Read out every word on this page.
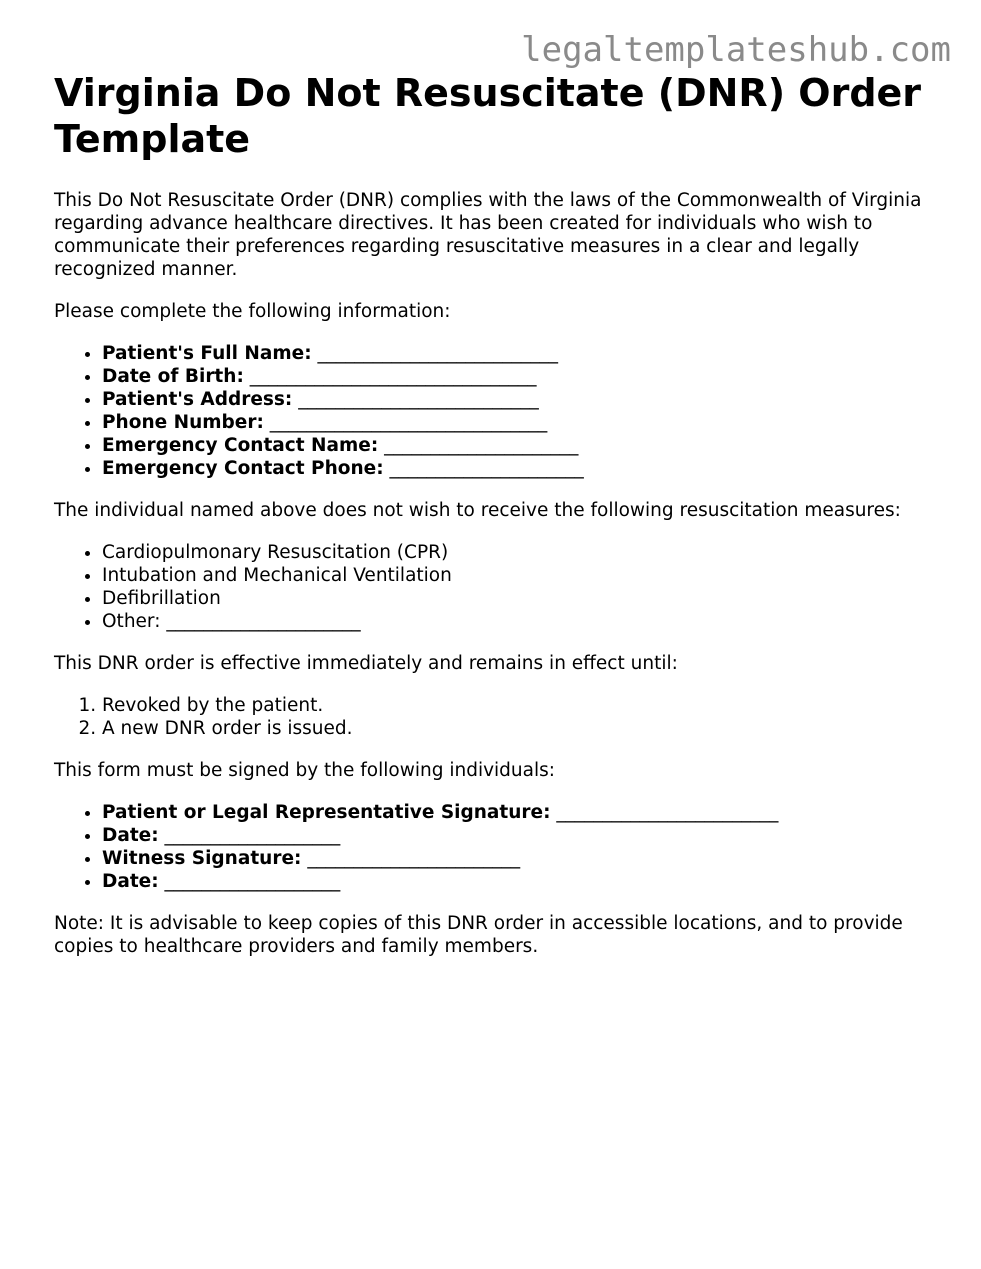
legaltemplateshub.com
Virginia Do Not Resuscitate (DNR) Order Template

This Do Not Resuscitate Order (DNR) complies with the laws of the Commonwealth of Virginia regarding advance healthcare directives. It has been created for individuals who wish to communicate their preferences regarding resuscitative measures in a clear and legally recognized manner.

Please complete the following information:

• Patient's Full Name: __________________________
• Date of Birth: _______________________________
• Patient's Address: __________________________
• Phone Number: ______________________________
• Emergency Contact Name: _____________________
• Emergency Contact Phone: _____________________

The individual named above does not wish to receive the following resuscitation measures:

• Cardiopulmonary Resuscitation (CPR)
• Intubation and Mechanical Ventilation
• Defibrillation
• Other: _____________________

This DNR order is effective immediately and remains in effect until:

1. Revoked by the patient.
2. A new DNR order is issued.

This form must be signed by the following individuals:

• Patient or Legal Representative Signature: ________________________
• Date: ___________________
• Witness Signature: _______________________
• Date: ___________________

Note: It is advisable to keep copies of this DNR order in accessible locations, and to provide copies to healthcare providers and family members.
